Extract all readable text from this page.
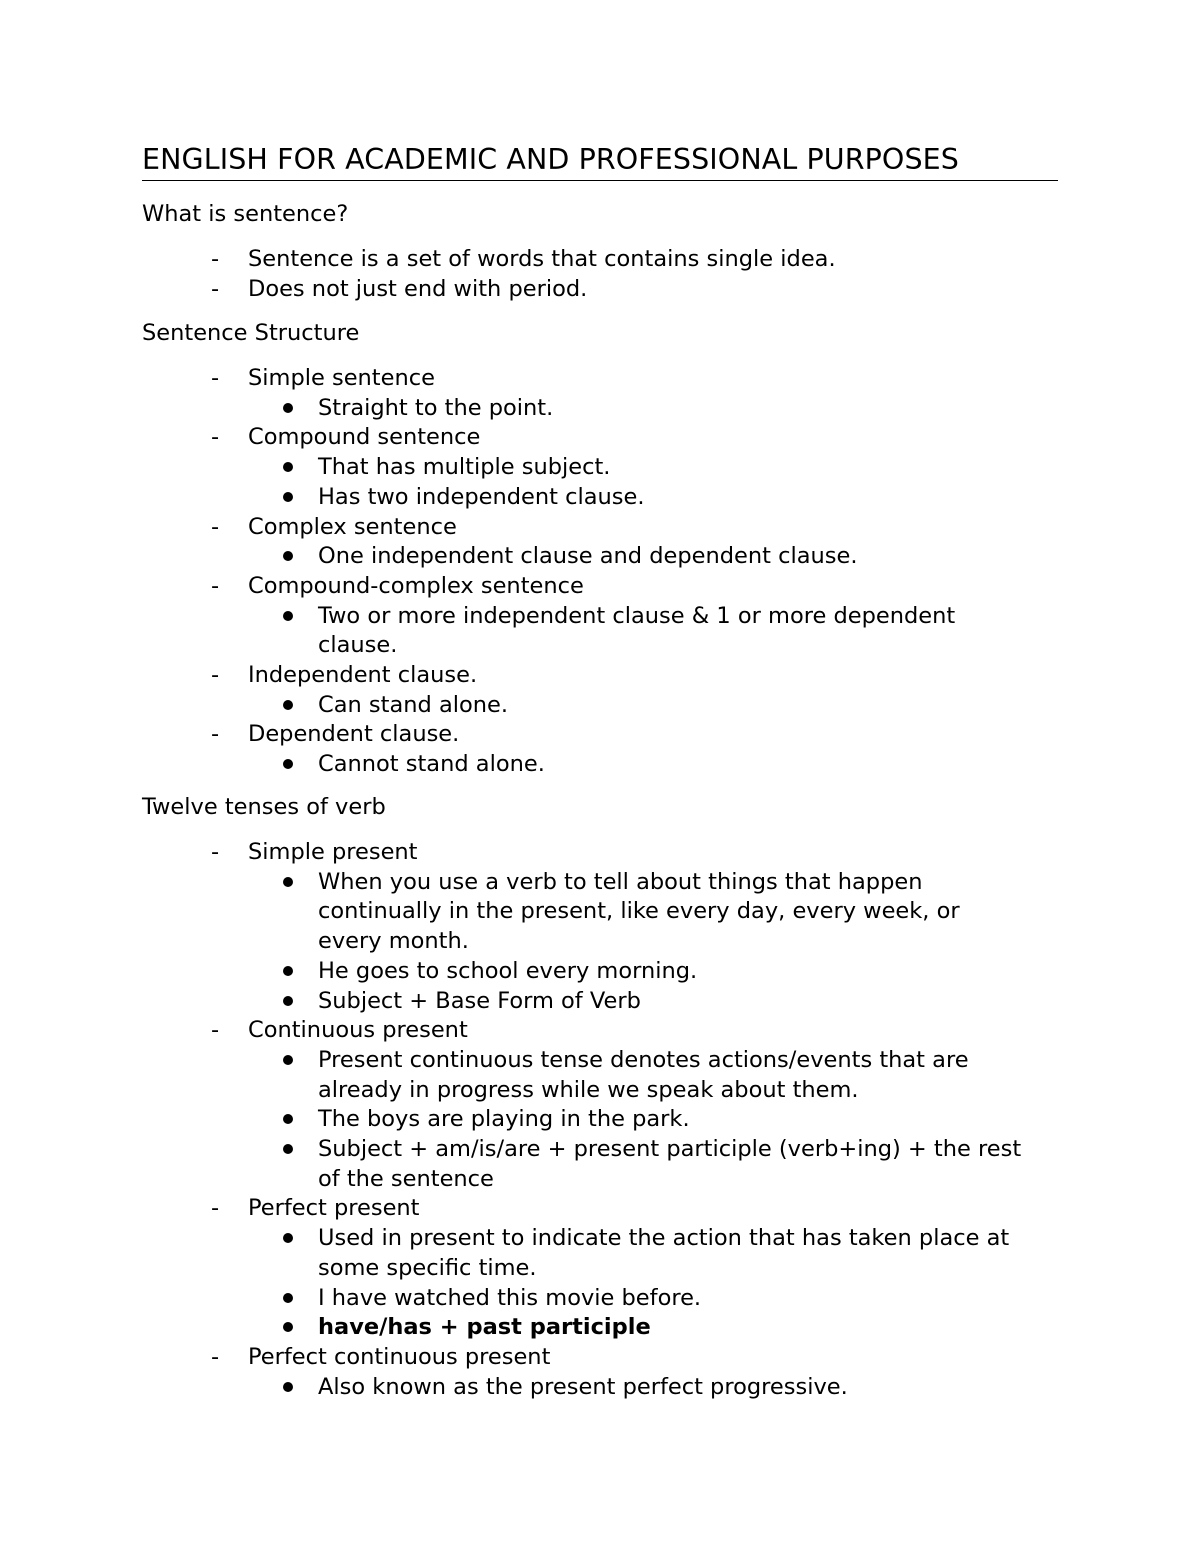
ENGLISH FOR ACADEMIC AND PROFESSIONAL PURPOSES
What is sentence?
- Sentence is a set of words that contains single idea.
- Does not just end with period.
Sentence Structure
- Simple sentence
Straight to the point.
- Compound sentence
That has multiple subject.
Has two independent clause.
- Complex sentence
One independent clause and dependent clause.
- Compound-complex sentence
Two or more independent clause & 1 or more dependent
clause.
- Independent clause.
Can stand alone.
- Dependent clause.
Cannot stand alone.
Twelve tenses of verb
- Simple present
When you use a verb to tell about things that happen
continually in the present, like every day, every week, or
every month.
He goes to school every morning.
Subject + Base Form of Verb
- Continuous present
Present continuous tense denotes actions/events that are
already in progress while we speak about them.
The boys are playing in the park.
Subject + am/is/are + present participle (verb+ing) + the rest
of the sentence
- Perfect present
Used in present to indicate the action that has taken place at
some specific time.
I have watched this movie before.
have/has + past participle
- Perfect continuous present
Also known as the present perfect progressive.
